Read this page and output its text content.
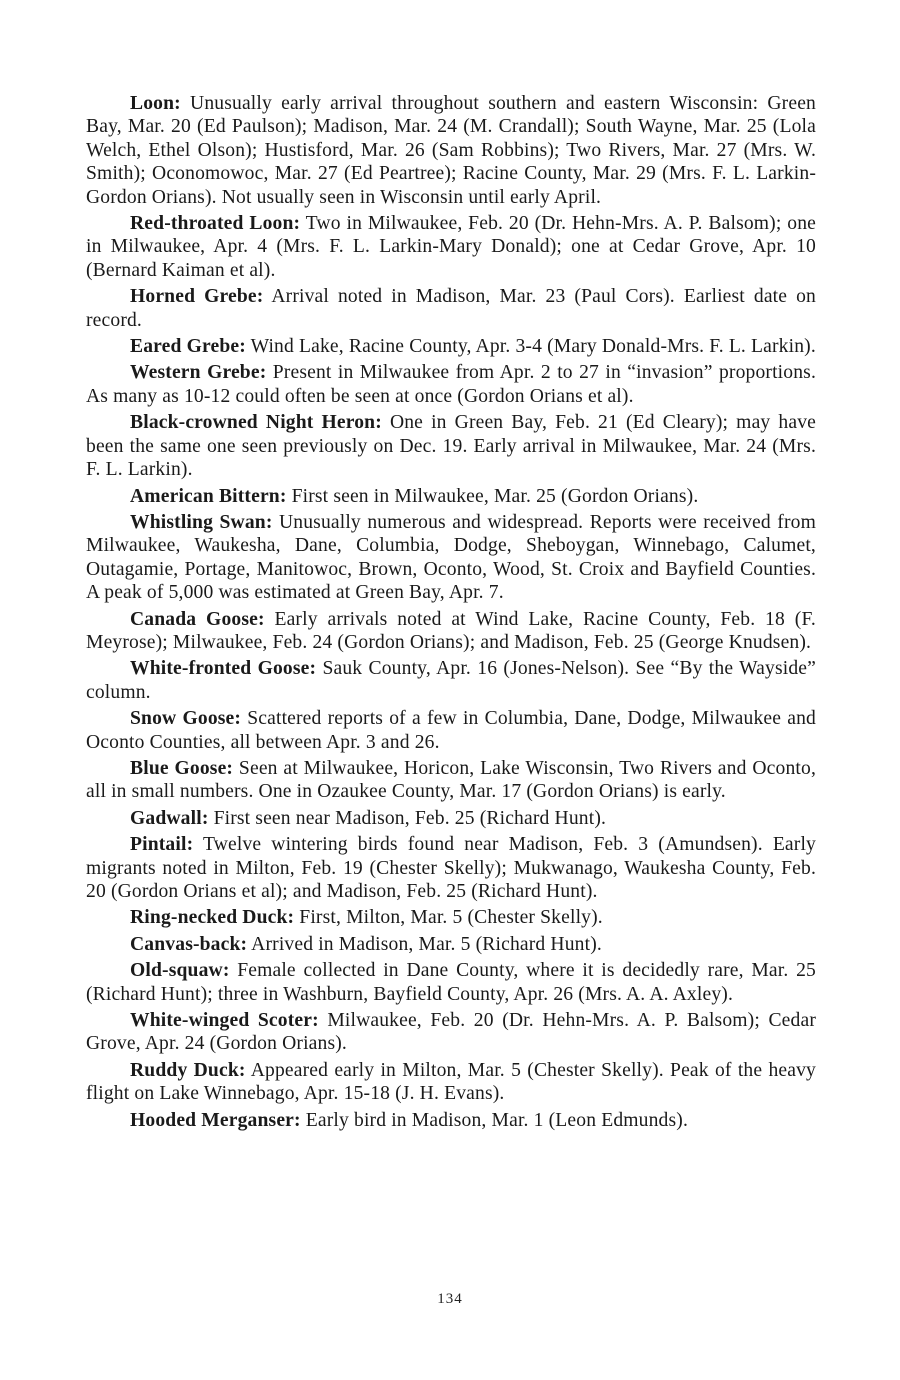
Loon: Unusually early arrival throughout southern and eastern Wisconsin: Green Bay, Mar. 20 (Ed Paulson); Madison, Mar. 24 (M. Crandall); South Wayne, Mar. 25 (Lola Welch, Ethel Olson); Hustisford, Mar. 26 (Sam Robbins); Two Rivers, Mar. 27 (Mrs. W. Smith); Oconomowoc, Mar. 27 (Ed Peartree); Racine County, Mar. 29 (Mrs. F. L. Larkin-Gordon Orians). Not usually seen in Wisconsin until early April.

Red-throated Loon: Two in Milwaukee, Feb. 20 (Dr. Hehn-Mrs. A. P. Balsom); one in Milwaukee, Apr. 4 (Mrs. F. L. Larkin-Mary Donald); one at Cedar Grove, Apr. 10 (Bernard Kaiman et al).

Horned Grebe: Arrival noted in Madison, Mar. 23 (Paul Cors). Earliest date on record.

Eared Grebe: Wind Lake, Racine County, Apr. 3-4 (Mary Donald-Mrs. F. L. Larkin).

Western Grebe: Present in Milwaukee from Apr. 2 to 27 in “invasion” proportions. As many as 10-12 could often be seen at once (Gordon Orians et al).

Black-crowned Night Heron: One in Green Bay, Feb. 21 (Ed Cleary); may have been the same one seen previously on Dec. 19. Early arrival in Milwaukee, Mar. 24 (Mrs. F. L. Larkin).

American Bittern: First seen in Milwaukee, Mar. 25 (Gordon Orians).

Whistling Swan: Unusually numerous and widespread. Reports were received from Milwaukee, Waukesha, Dane, Columbia, Dodge, Sheboygan, Winnebago, Calumet, Outagamie, Portage, Manitowoc, Brown, Oconto, Wood, St. Croix and Bayfield Counties. A peak of 5,000 was estimated at Green Bay, Apr. 7.

Canada Goose: Early arrivals noted at Wind Lake, Racine County, Feb. 18 (F. Meyrose); Milwaukee, Feb. 24 (Gordon Orians); and Madison, Feb. 25 (George Knudsen).

White-fronted Goose: Sauk County, Apr. 16 (Jones-Nelson). See “By the Wayside” column.

Snow Goose: Scattered reports of a few in Columbia, Dane, Dodge, Milwaukee and Oconto Counties, all between Apr. 3 and 26.

Blue Goose: Seen at Milwaukee, Horicon, Lake Wisconsin, Two Rivers and Oconto, all in small numbers. One in Ozaukee County, Mar. 17 (Gordon Orians) is early.

Gadwall: First seen near Madison, Feb. 25 (Richard Hunt).

Pintail: Twelve wintering birds found near Madison, Feb. 3 (Amundsen). Early migrants noted in Milton, Feb. 19 (Chester Skelly); Mukwanago, Waukesha County, Feb. 20 (Gordon Orians et al); and Madison, Feb. 25 (Richard Hunt).

Ring-necked Duck: First, Milton, Mar. 5 (Chester Skelly).

Canvas-back: Arrived in Madison, Mar. 5 (Richard Hunt).

Old-squaw: Female collected in Dane County, where it is decidedly rare, Mar. 25 (Richard Hunt); three in Washburn, Bayfield County, Apr. 26 (Mrs. A. A. Axley).

White-winged Scoter: Milwaukee, Feb. 20 (Dr. Hehn-Mrs. A. P. Balsom); Cedar Grove, Apr. 24 (Gordon Orians).

Ruddy Duck: Appeared early in Milton, Mar. 5 (Chester Skelly). Peak of the heavy flight on Lake Winnebago, Apr. 15-18 (J. H. Evans).

Hooded Merganser: Early bird in Madison, Mar. 1 (Leon Edmunds).

134
